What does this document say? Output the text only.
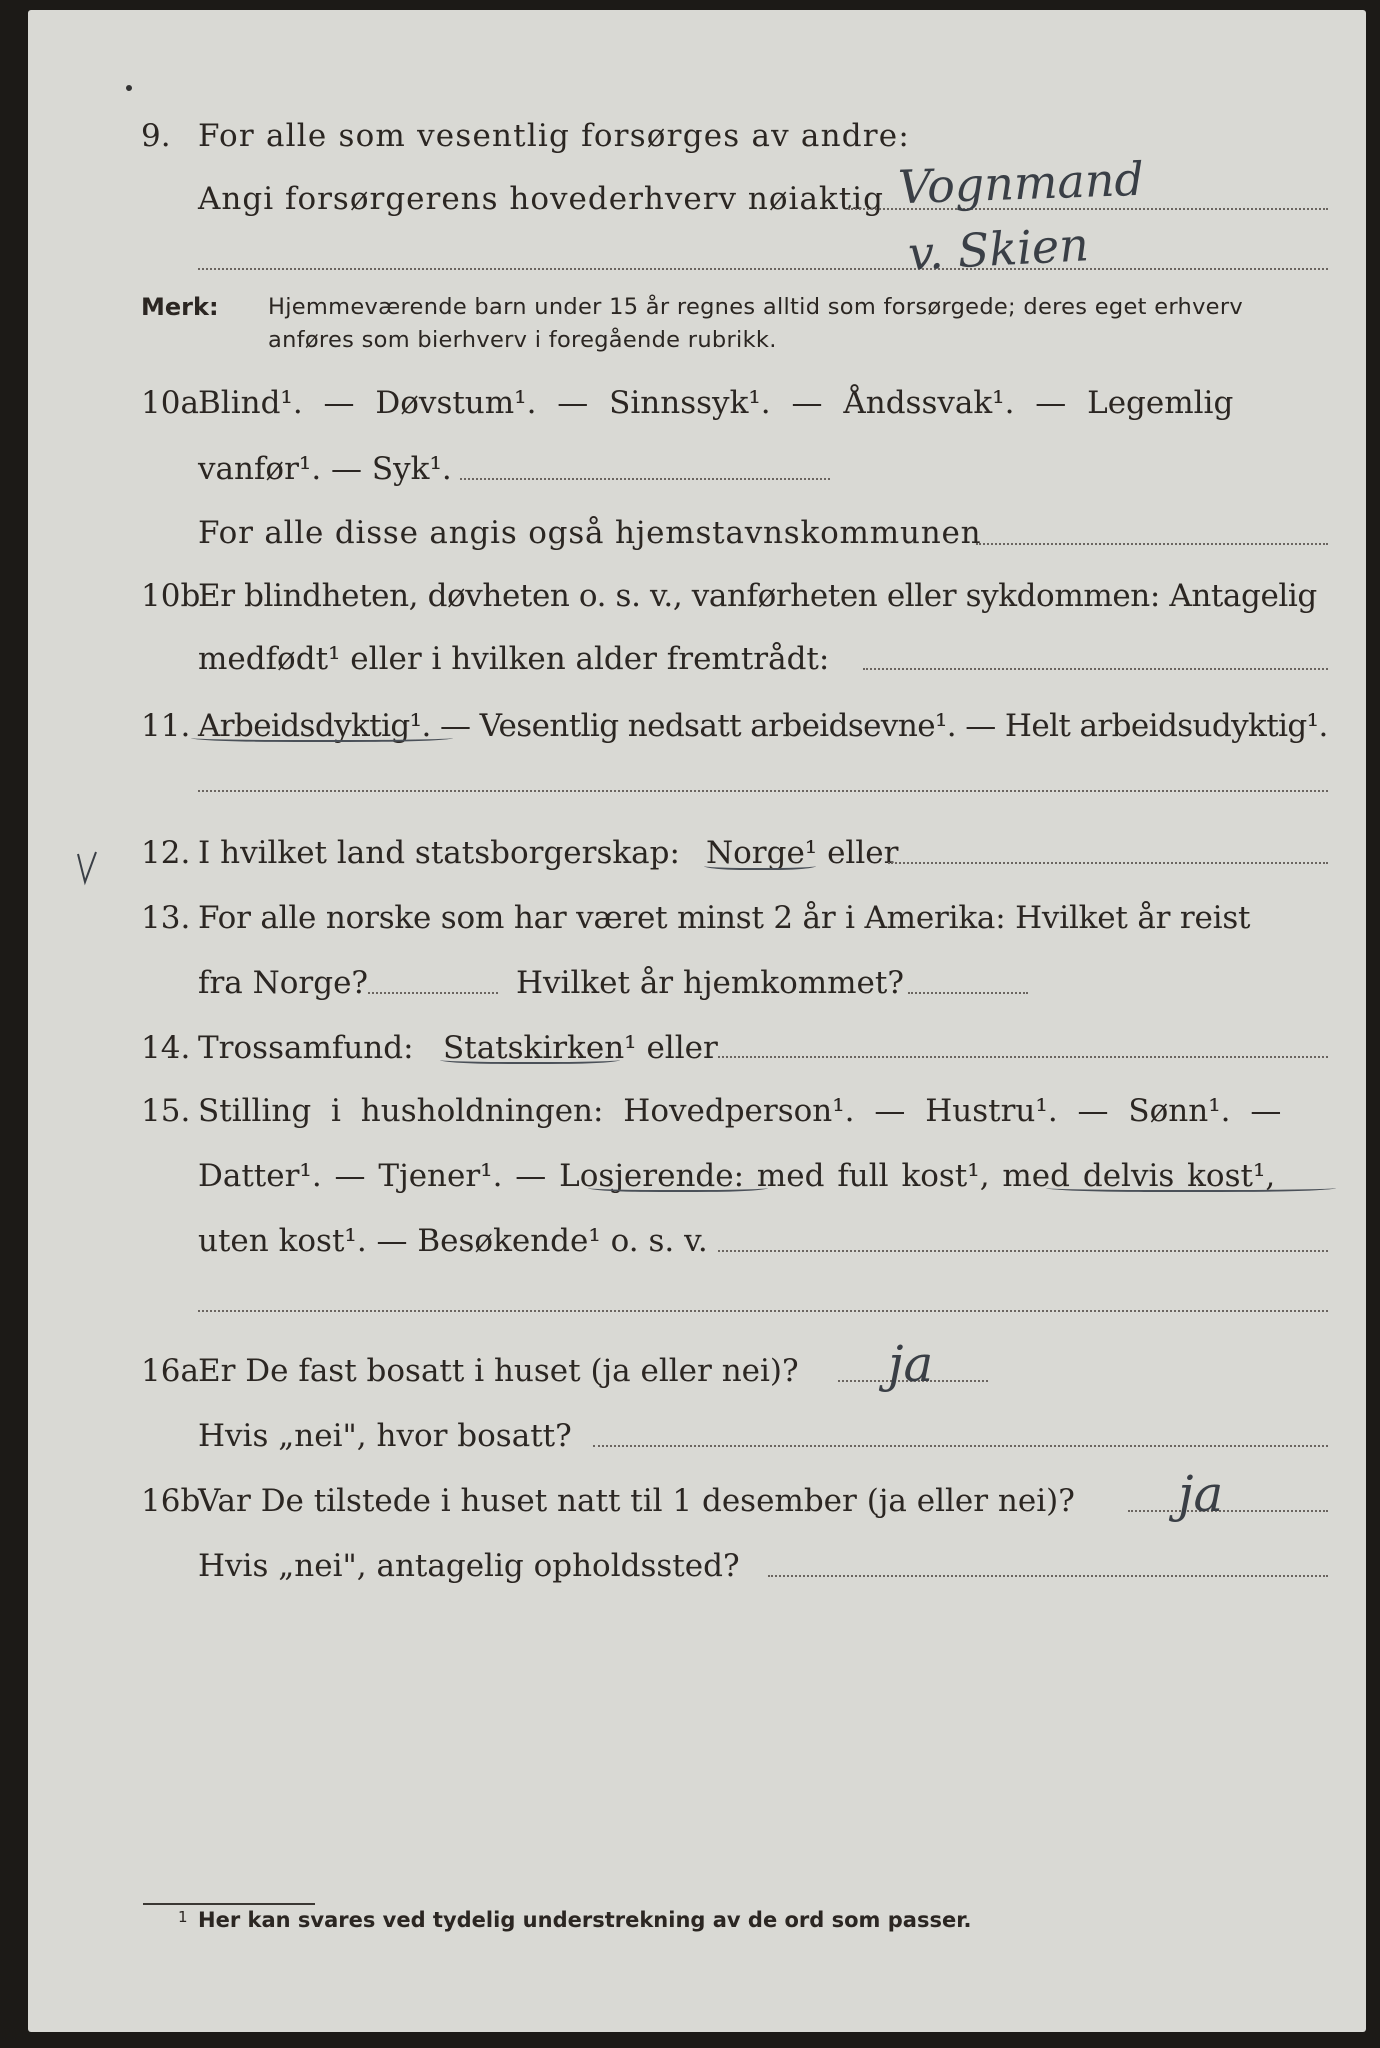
9. For alle som vesentlig forsørges av andre:
Angi forsørgerens hovederhverv nøiaktig Vognmand
v. Skien
Merk: Hjemmeværende barn under 15 år regnes alltid som forsørgede; deres eget erhverv
anføres som bierhverv i foregående rubrikk.
10a Blind¹. — Døvstum¹. — Sinnssyk¹. — Åndssvak¹. — Legemlig
vanfør¹. — Syk¹.
For alle disse angis også hjemstavnskommunen
10b
Er blindheten, døvheten o. s. v., vanførheten eller sykdommen: Antagelig
medfødt¹ eller i hvilken alder fremtrådt:
11. Arbeidsdyktig¹. — Vesentlig nedsatt arbeidsevne¹. — Helt arbeidsudyktig¹.
12. I hvilket land statsborgerskap: Norge¹ eller
13. For alle norske som har været minst 2 år i Amerika: Hvilket år reist
fra Norge?	Hvilket år hjemkommet?
14. Trossamfund: Statskirken¹ eller
15. Stilling i husholdningen: Hovedperson¹. — Hustru¹. — Sønn¹. —
Datter¹. — Tjener¹. — Losjerende: med full kost¹, med delvis kost¹,
uten kost¹. — Besøkende¹ o. s. v.
16a Er De fast bosatt i huset (ja eller nei)? ja
Hvis „nei", hvor bosatt?
16b
Var De tilstede i huset natt til 1 desember (ja eller nei)? ja
Hvis „nei", antagelig opholdssted?
1 Her kan svares ved tydelig understrekning av de ord som passer.
